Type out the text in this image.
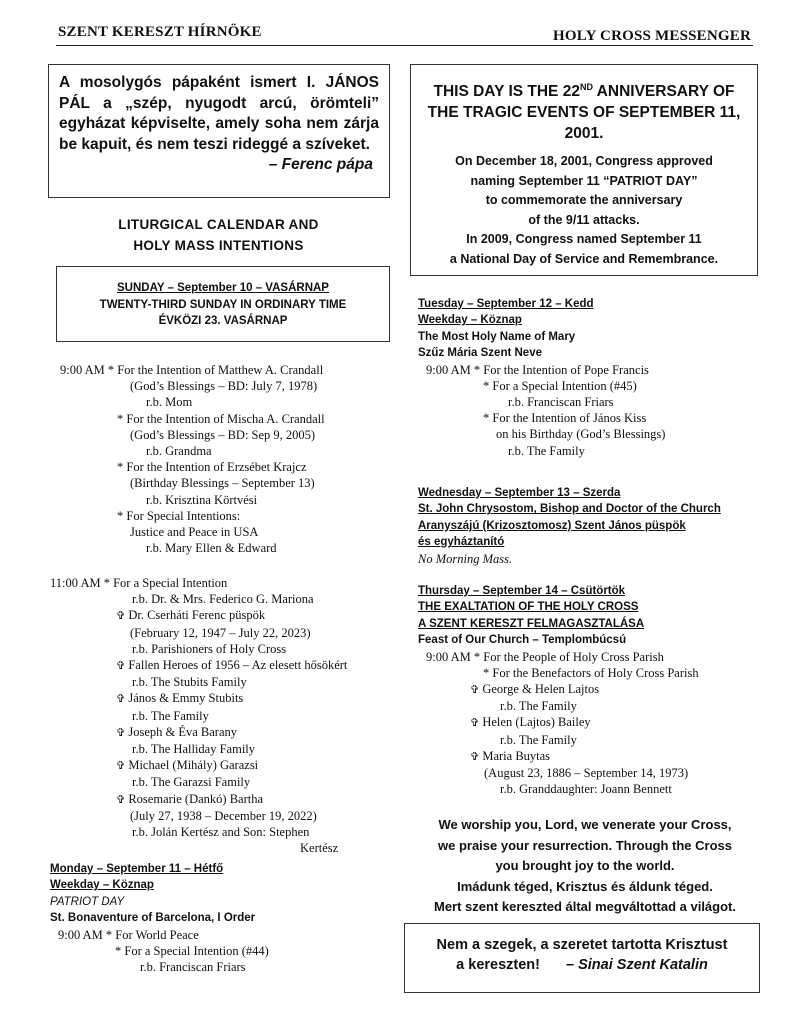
SZENT KERESZT HÍRNÖKE	HOLY CROSS MESSENGER
A mosolygós pápaként ismert I. JÁNOS PÁL a „szép, nyugodt arcú, örömteli” egyházat képviselte, amely soha nem zárja be kapuit, és nem teszi rideggé a szíveket.
– Ferenc pápa
THIS DAY IS THE 22ND ANNIVERSARY OF THE TRAGIC EVENTS OF SEPTEMBER 11, 2001.
On December 18, 2001, Congress approved
naming September 11 “PATRIOT DAY”
to commemorate the anniversary
of the 9/11 attacks.
In 2009, Congress named September 11
a National Day of Service and Remembrance.
LITURGICAL CALENDAR AND
HOLY MASS INTENTIONS
SUNDAY – September 10 – VASÁRNAP
TWENTY-THIRD SUNDAY IN ORDINARY TIME
ÉVKÖZI 23. VASÁRNAP
9:00 AM * For the Intention of Matthew A. Crandall
(God’s Blessings – BD: July 7, 1978)
r.b. Mom
* For the Intention of Mischa A. Crandall
(God’s Blessings – BD: Sep 9, 2005)
r.b. Grandma
* For the Intention of Erzsébet Krajcz
(Birthday Blessings – September 13)
r.b. Krisztina Körtvési
* For Special Intentions:
Justice and Peace in USA
r.b. Mary Ellen & Edward
11:00 AM * For a Special Intention
r.b. Dr. & Mrs. Federico G. Mariona
✞ Dr. Cserháti Ferenc püspök
(February 12, 1947 – July 22, 2023)
r.b. Parishioners of Holy Cross
✞ Fallen Heroes of 1956 – Az elesett hősökért
r.b. The Stubits Family
✞ János & Emmy Stubits
r.b. The Family
✞ Joseph & Éva Barany
r.b. The Halliday Family
✞ Michael (Mihály) Garazsi
r.b. The Garazsi Family
✞ Rosemarie (Dankó) Bartha
(July 27, 1938 – December 19, 2022)
r.b. Jolán Kertész and Son: Stephen
Kertész
Monday – September 11 – Hétfő
Weekday – Köznap
PATRIOT DAY
St. Bonaventure of Barcelona, I Order
9:00 AM * For World Peace
* For a Special Intention (#44)
r.b. Franciscan Friars
Tuesday – September 12 – Kedd
Weekday – Köznap
The Most Holy Name of Mary
Szűz Mária Szent Neve
9:00 AM * For the Intention of Pope Francis
* For a Special Intention (#45)
r.b. Franciscan Friars
* For the Intention of János Kiss
on his Birthday (God’s Blessings)
r.b. The Family
Wednesday – September 13 – Szerda
St. John Chrysostom, Bishop and Doctor of the Church
Aranyszájú (Krizosztomosz) Szent János püspök
és egyháztanító
No Morning Mass.
Thursday – September 14 – Csütörtök
THE EXALTATION OF THE HOLY CROSS
A SZENT KERESZT FELMAGASZTALÁSA
Feast of Our Church – Templombúcsú
9:00 AM * For the People of Holy Cross Parish
* For the Benefactors of Holy Cross Parish
✞ George & Helen Lajtos
r.b. The Family
✞ Helen (Lajtos) Bailey
r.b. The Family
✞ Maria Buytas
(August 23, 1886 – September 14, 1973)
r.b. Granddaughter: Joann Bennett
We worship you, Lord, we venerate your Cross,
we praise your resurrection. Through the Cross
you brought joy to the world.
Imádunk téged, Krisztus és áldunk téged.
Mert szent kereszted által megváltottad a világot.
Nem a szegek, a szeretet tartotta Krisztust
a kereszten! – Sinai Szent Katalin
